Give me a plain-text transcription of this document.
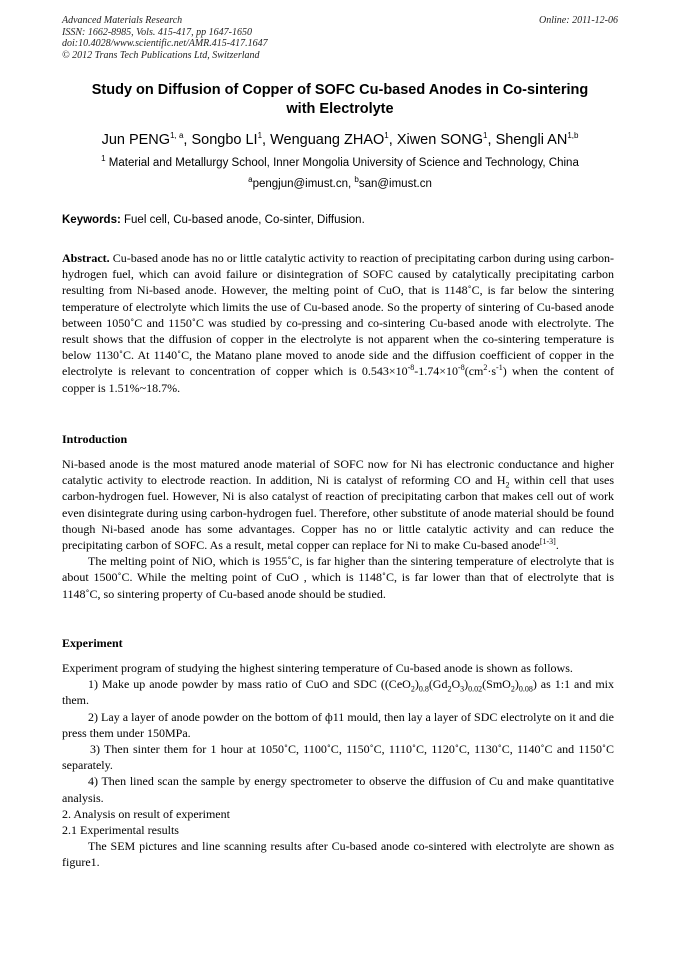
Advanced Materials Research
ISSN: 1662-8985, Vols. 415-417, pp 1647-1650
doi:10.4028/www.scientific.net/AMR.415-417.1647
© 2012 Trans Tech Publications Ltd, Switzerland
Online: 2011-12-06
Study on Diffusion of Copper of SOFC Cu-based Anodes in Co-sintering
with Electrolyte
Jun PENG$^{1, a}$, Songbo $LI^1$, Wenguang ZHAO$^1$, Xiwen SONG$^1$, Shengli AN$^{1,b}$
$^1$ Material and Metallurgy School, Inner Mongolia University of Science and Technology, China
$^a$pengjun@imust.cn, $^b$san@imust.cn
Keywords: Fuel cell, Cu-based anode, Co-sinter, Diffusion.

Abstract. Cu-based anode has no or little catalytic activity to reaction of precipitating carbon during using carbon-hydrogen fuel, which can avoid failure or disintegration of SOFC caused by catalytically precipitating carbon resulting from Ni-based anode. However, the melting point of CuO, that is 1148˚C, is far below the sintering temperature of electrolyte which limits the use of Cu-based anode. So the property of sintering of Cu-based anode between 1050˚C and 1150˚C was studied by co-pressing and co-sintering Cu-based anode with electrolyte. The result shows that the diffusion of copper in the electrolyte is not apparent when the co-sintering temperature is below 1130˚C. At 1140˚C, the Matano plane moved to anode side and the diffusion coefficient of copper in the electrolyte is relevant to concentration of copper which is $0.543\times 10^{-8}-1.74\times 10^{-8}(cm^2\cdot s^{-1})$ when the content of copper is 1.51%~18.7%.

Introduction

Ni-based anode is the most matured anode material of SOFC now for Ni has electronic conductance and higher catalytic activity to electrode reaction. In addition, Ni is catalyst of reforming CO and $H_2$ within cell that uses carbon-hydrogen fuel. However, Ni is also catalyst of reaction of precipitating carbon that makes cell out of work even disintegrate during using carbon-hydrogen fuel. Therefore, other substitute of anode material should be found though Ni-based anode has some advantages. Copper has no or little catalytic activity and can reduce the precipitating carbon of SOFC. As a result, metal copper can replace for Ni to make Cu-based anode[1-3].

The melting point of NiO, which is 1955˚C, is far higher than the sintering temperature of electrolyte that is about 1500˚C. While the melting point of CuO , which is 1148˚C, is far lower than that of electrolyte that is 1148˚C, so sintering property of Cu-based anode should be studied.

Experiment

Experiment program of studying the highest sintering temperature of Cu-based anode is shown as follows.

1) Make up anode powder by mass ratio of CuO and SDC $((CeO_2)_{0.8}(Gd_2O_3)_{0.02}(SmO_2)_{0.08})$ as 1:1 and mix them.

2) Lay a layer of anode powder on the bottom of ф11 mould, then lay a layer of SDC electrolyte on it and die press them under 150MPa.

3) Then sinter them for 1 hour at 1050˚C, 1100˚C, 1150˚C, 1110˚C, 1120˚C, 1130˚C, 1140˚C and 1150˚C separately.

4) Then lined scan the sample by energy spectrometer to observe the diffusion of Cu and make quantitative analysis.

2. Analysis on result of experiment

2.1 Experimental results

The SEM pictures and line scanning results after Cu-based anode co-sintered with electrolyte are shown as figure1.
